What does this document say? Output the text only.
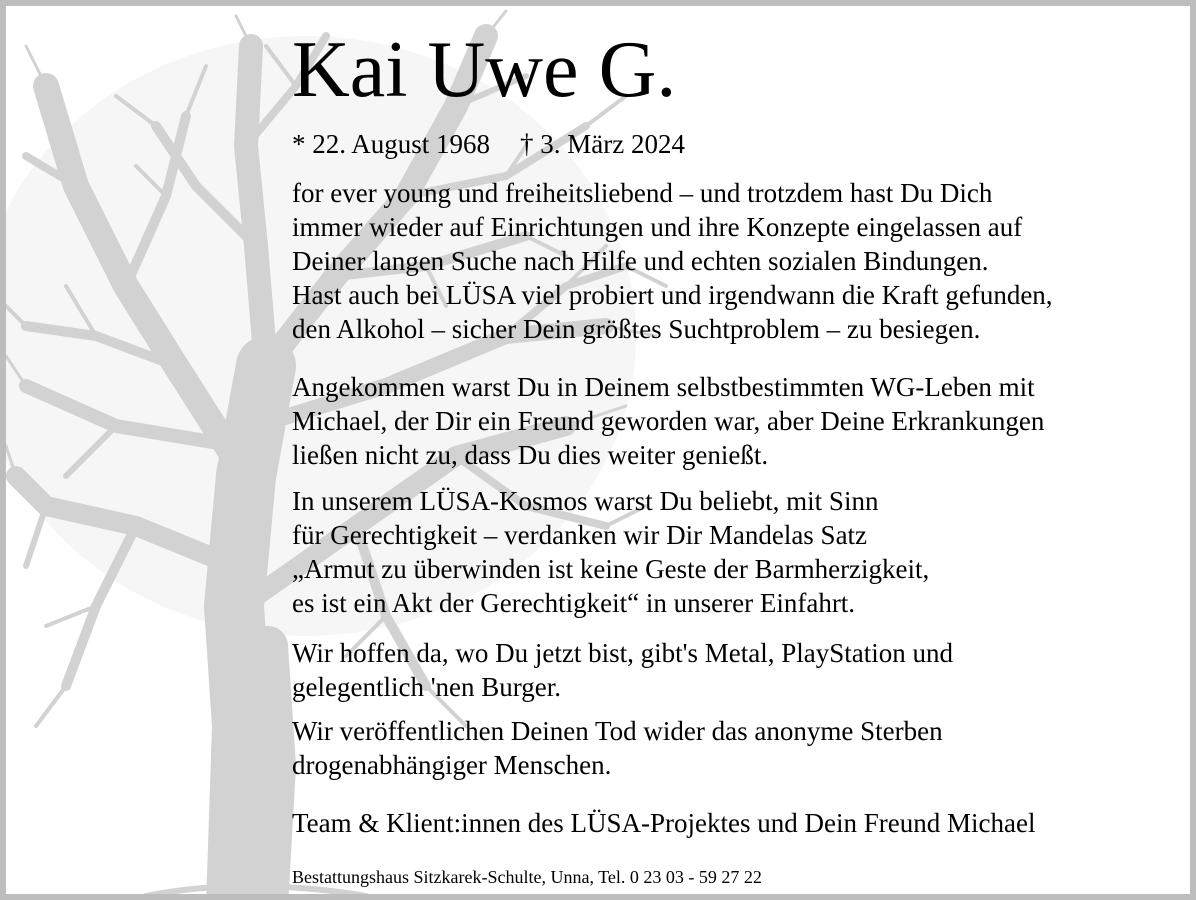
Kai Uwe G.
* 22. August 1968 † 3. März 2024
for ever young und freiheitsliebend – und trotzdem hast Du Dich
immer wieder auf Einrichtungen und ihre Konzepte eingelassen auf
Deiner langen Suche nach Hilfe und echten sozialen Bindungen.
Hast auch bei LÜSA viel probiert und irgendwann die Kraft gefunden,
den Alkohol – sicher Dein größtes Suchtproblem – zu besiegen.
Angekommen warst Du in Deinem selbstbestimmten WG-Leben mit
Michael, der Dir ein Freund geworden war, aber Deine Erkrankungen
ließen nicht zu, dass Du dies weiter genießt.
In unserem LÜSA-Kosmos warst Du beliebt, mit Sinn
für Gerechtigkeit – verdanken wir Dir Mandelas Satz
„Armut zu überwinden ist keine Geste der Barmherzigkeit,
es ist ein Akt der Gerechtigkeit“ in unserer Einfahrt.
Wir hoffen da, wo Du jetzt bist, gibt's Metal, PlayStation und
gelegentlich 'nen Burger.
Wir veröffentlichen Deinen Tod wider das anonyme Sterben
drogenabhängiger Menschen.
Team & Klient:innen des LÜSA-Projektes und Dein Freund Michael
Bestattungshaus Sitzkarek-Schulte, Unna, Tel. 0 23 03 - 59 27 22
